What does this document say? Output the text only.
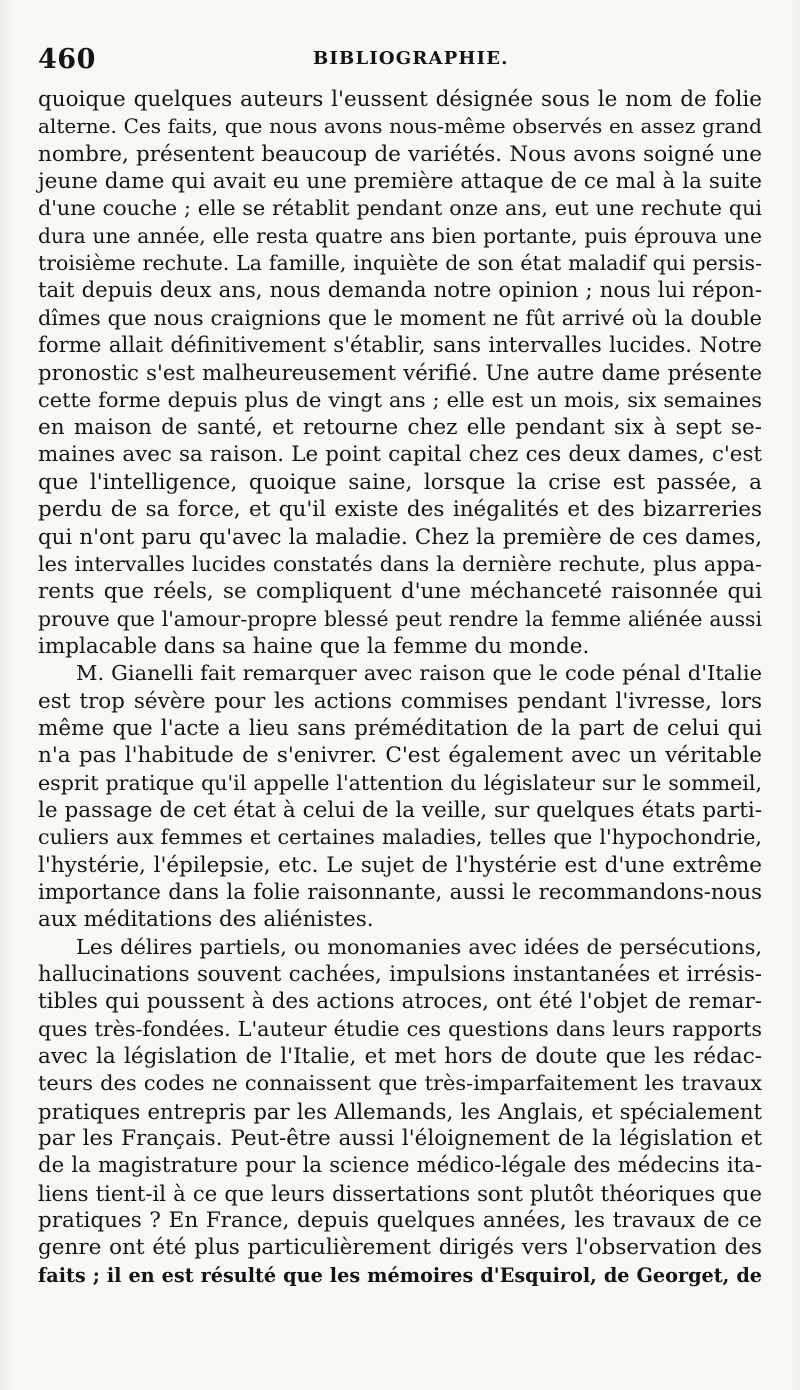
460	BIBLIOGRAPHIE.
quoique quelques auteurs l'eussent désignée sous le nom de folie
alterne. Ces faits, que nous avons nous-même observés en assez grand
nombre, présentent beaucoup de variétés. Nous avons soigné une
jeune dame qui avait eu une première attaque de ce mal à la suite
d'une couche ; elle se rétablit pendant onze ans, eut une rechute qui
dura une année, elle resta quatre ans bien portante, puis éprouva une
troisième rechute. La famille, inquiète de son état maladif qui persis-
tait depuis deux ans, nous demanda notre opinion ; nous lui répon-
dîmes que nous craignions que le moment ne fût arrivé où la double
forme allait définitivement s'établir, sans intervalles lucides. Notre
pronostic s'est malheureusement vérifié. Une autre dame présente
cette forme depuis plus de vingt ans ; elle est un mois, six semaines
en maison de santé, et retourne chez elle pendant six à sept se-
maines avec sa raison. Le point capital chez ces deux dames, c'est
que l'intelligence, quoique saine, lorsque la crise est passée, a
perdu de sa force, et qu'il existe des inégalités et des bizarreries
qui n'ont paru qu'avec la maladie. Chez la première de ces dames,
les intervalles lucides constatés dans la dernière rechute, plus appa-
rents que réels, se compliquent d'une méchanceté raisonnée qui
prouve que l'amour-propre blessé peut rendre la femme aliénée aussi
implacable dans sa haine que la femme du monde.
M. Gianelli fait remarquer avec raison que le code pénal d'Italie
est trop sévère pour les actions commises pendant l'ivresse, lors
même que l'acte a lieu sans préméditation de la part de celui qui
n'a pas l'habitude de s'enivrer. C'est également avec un véritable
esprit pratique qu'il appelle l'attention du législateur sur le sommeil,
le passage de cet état à celui de la veille, sur quelques états parti-
culiers aux femmes et certaines maladies, telles que l'hypochondrie,
l'hystérie, l'épilepsie, etc. Le sujet de l'hystérie est d'une extrême
importance dans la folie raisonnante, aussi le recommandons-nous
aux méditations des aliénistes.
Les délires partiels, ou monomanies avec idées de persécutions,
hallucinations souvent cachées, impulsions instantanées et irrésis-
tibles qui poussent à des actions atroces, ont été l'objet de remar-
ques très-fondées. L'auteur étudie ces questions dans leurs rapports
avec la législation de l'Italie, et met hors de doute que les rédac-
teurs des codes ne connaissent que très-imparfaitement les travaux
pratiques entrepris par les Allemands, les Anglais, et spécialement
par les Français. Peut-être aussi l'éloignement de la législation et
de la magistrature pour la science médico-légale des médecins ita-
liens tient-il à ce que leurs dissertations sont plutôt théoriques que
pratiques ? En France, depuis quelques années, les travaux de ce
genre ont été plus particulièrement dirigés vers l'observation des
faits ; il en est résulté que les mémoires d'Esquirol, de Georget, de
